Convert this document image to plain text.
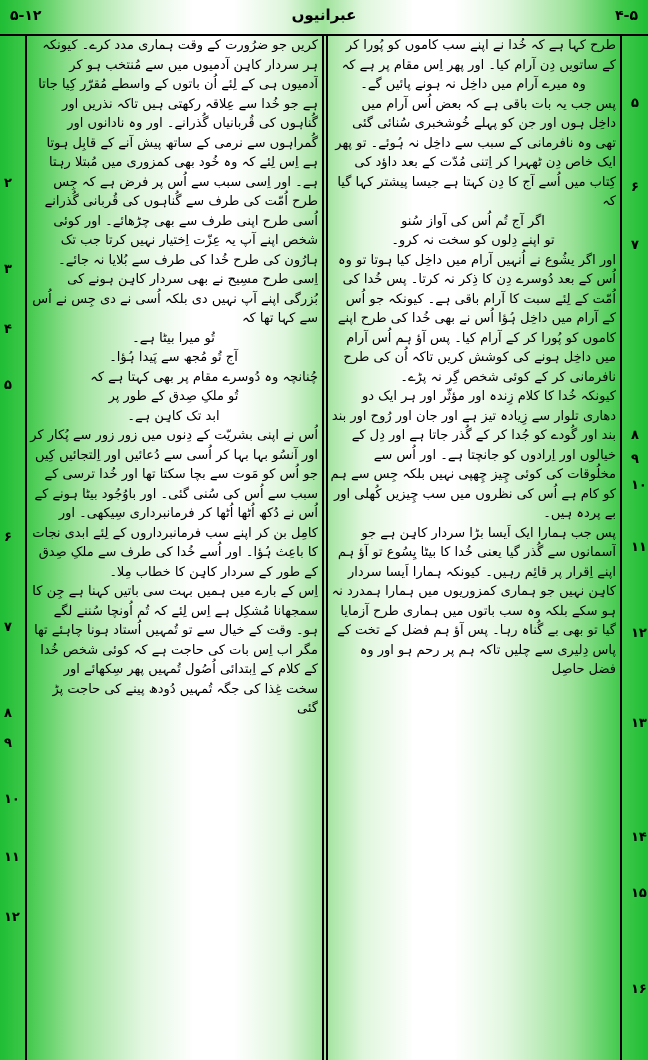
۵-۱۲	عبرانیوں	۴-۵
۵
۶
۷
۸
۹
۱۰
۱۱
۱۲
۱۳
۱۴
۱۵
۱۶
۲
۳
۴
۵
۶
۷
۸
۹
۱۰
۱۱
۱۲

طرح کہا ہے کہ خُدا نے اپنے سب کاموں کو پُورا کر کے ساتویں دِن آرام کیا۔ اور پھر اِس مقام پر ہے کہ

وہ میرے آرام میں داخِل نہ ہونے پائیں گے۔

پس جب یہ بات باقی ہے کہ بعض اُس آرام میں داخِل ہوں اور جن کو پہلے خُوشخبری سُنائی گئی تھی وہ نافرمانی کے سبب سے داخِل نہ ہُوئے۔ تو پھر ایک خاص دِن ٹھہرا کر اِتنی مُدّت کے بعد داؤد کی کِتاب میں اُسے آج کا دِن کہتا ہے جیسا پیشتر کہا گیا کہ

اگر آج تُم اُس کی آواز سُنو

تو اپنے دِلوں کو سخت نہ کرو۔

اور اگر یشُوع نے اُنہیں آرام میں داخِل کیا ہوتا تو وہ اُس کے بعد دُوسرے دِن کا ذِکر نہ کرتا۔ پس خُدا کی اُمّت کے لِئے سبت کا آرام باقی ہے۔ کیونکہ جو اُس کے آرام میں داخِل ہُؤا اُس نے بھی خُدا کی طرح اپنے کاموں کو پُورا کر کے آرام کیا۔ پس آؤ ہم اُس آرام میں داخِل ہونے کی کوشش کریں تاکہ اُن کی طرح نافرمانی کر کے کوئی شخص گِر نہ پڑے۔

کیونکہ خُدا کا کلام زِندہ اور مؤثّر اور ہر ایک دو دھاری تلوار سے زِیادہ تیز ہے اور جان اور رُوح اور بند بند اور گُودے کو جُدا کر کے گُذر جاتا ہے اور دِل کے خیالوں اور اِرادوں کو جانچتا ہے۔ اور اُس سے مخلُوقات کی کوئی چِیز چِھپی نہیں بلکہ جِس سے ہم کو کام ہے اُس کی نظروں میں سب چِیزیں کُھلی اور بے پردہ ہیں۔

پس جب ہمارا ایک اَیسا بڑا سردار کاہِن ہے جو آسمانوں سے گُذر گیا یعنی خُدا کا بیٹا یِسُوع تو آؤ ہم اپنے اِقرار پر قائِم رہیں۔ کیونکہ ہمارا اَیسا سردار کاہِن نہیں جو ہماری کمزوریوں میں ہمارا ہمدرد نہ ہو سکے بلکہ وہ سب باتوں میں ہماری طرح آزمایا گیا تو بھی بے گُناہ رہا۔ پس آؤ ہم فضل کے تخت کے پاس دِلیری سے چلیں تاکہ ہم پر رحم ہو اور وہ فضل حاصِل

کریں جو ضرُورت کے وقت ہماری مدد کرے۔ کیونکہ ہر سردار کاہِن آدمیوں میں سے مُنتخب ہو کر آدمیوں ہی کے لِئے اُن باتوں کے واسطے مُقرّر کِیا جاتا ہے جو خُدا سے عِلاقہ رکھتی ہیں تاکہ نذریں اور گُناہوں کی قُربانیاں گُذرانے۔ اور وہ نادانوں اور گُمراہوں سے نرمی کے ساتھ پیش آنے کے قابِل ہوتا ہے اِس لِئے کہ وہ خُود بھی کمزوری میں مُبتلا رہتا ہے۔ اور اِسی سبب سے اُس پر فرض ہے کہ جِس طرح اُمّت کی طرف سے گُناہوں کی قُربانی گُذرانے اُسی طرح اپنی طرف سے بھی چڑھائے۔ اور کوئی شخص اپنے آپ یہ عِزّت اِختیار نہیں کرتا جب تک ہارُون کی طرح خُدا کی طرف سے بُلایا نہ جائے۔ اِسی طرح مسِیح نے بھی سردار کاہِن ہونے کی بُزرگی اپنے آپ نہیں دی بلکہ اُسی نے دی جِس نے اُس سے کہا تھا کہ

تُو میرا بیٹا ہے۔

آج تُو مُجھ سے پَیدا ہُؤا۔

چُنانچہ وہ دُوسرے مقام پر بھی کہتا ہے کہ

تُو ملکِ صِدق کے طور پر

ابد تک کاہِن ہے۔

اُس نے اپنی بشریّت کے دِنوں میں زور زور سے پُکار کر اور آنسُو بہا بہا کر اُسی سے دُعائیں اور اِلتجائیں کِیں جو اُس کو مَوت سے بچا سکتا تھا اور خُدا ترسی کے سبب سے اُس کی سُنی گئی۔ اور باوُجُود بیٹا ہونے کے اُس نے دُکھ اُٹھا اُٹھا کر فرمانبرداری سِیکھی۔ اور کامِل بن کر اپنے سب فرمانبرداروں کے لِئے ابدی نجات کا باعِث ہُؤا۔ اور اُسے خُدا کی طرف سے ملکِ صِدق کے طور کے سردار کاہِن کا خطاب مِلا۔

اِس کے بارے میں ہمیں بہت سی باتیں کہنا ہے جِن کا سمجھانا مُشکِل ہے اِس لِئے کہ تُم اُونچا سُننے لگے ہو۔ وقت کے خیال سے تو تُمہیں اُستاد ہونا چاہئے تھا مگر اب اِس بات کی حاجت ہے کہ کوئی شخص خُدا کے کلام کے اِبتدائی اُصُول تُمہیں پھر سِکھائے اور سخت غِذا کی جگہ تُمہیں دُودھ پینے کی حاجت پڑ گئی
